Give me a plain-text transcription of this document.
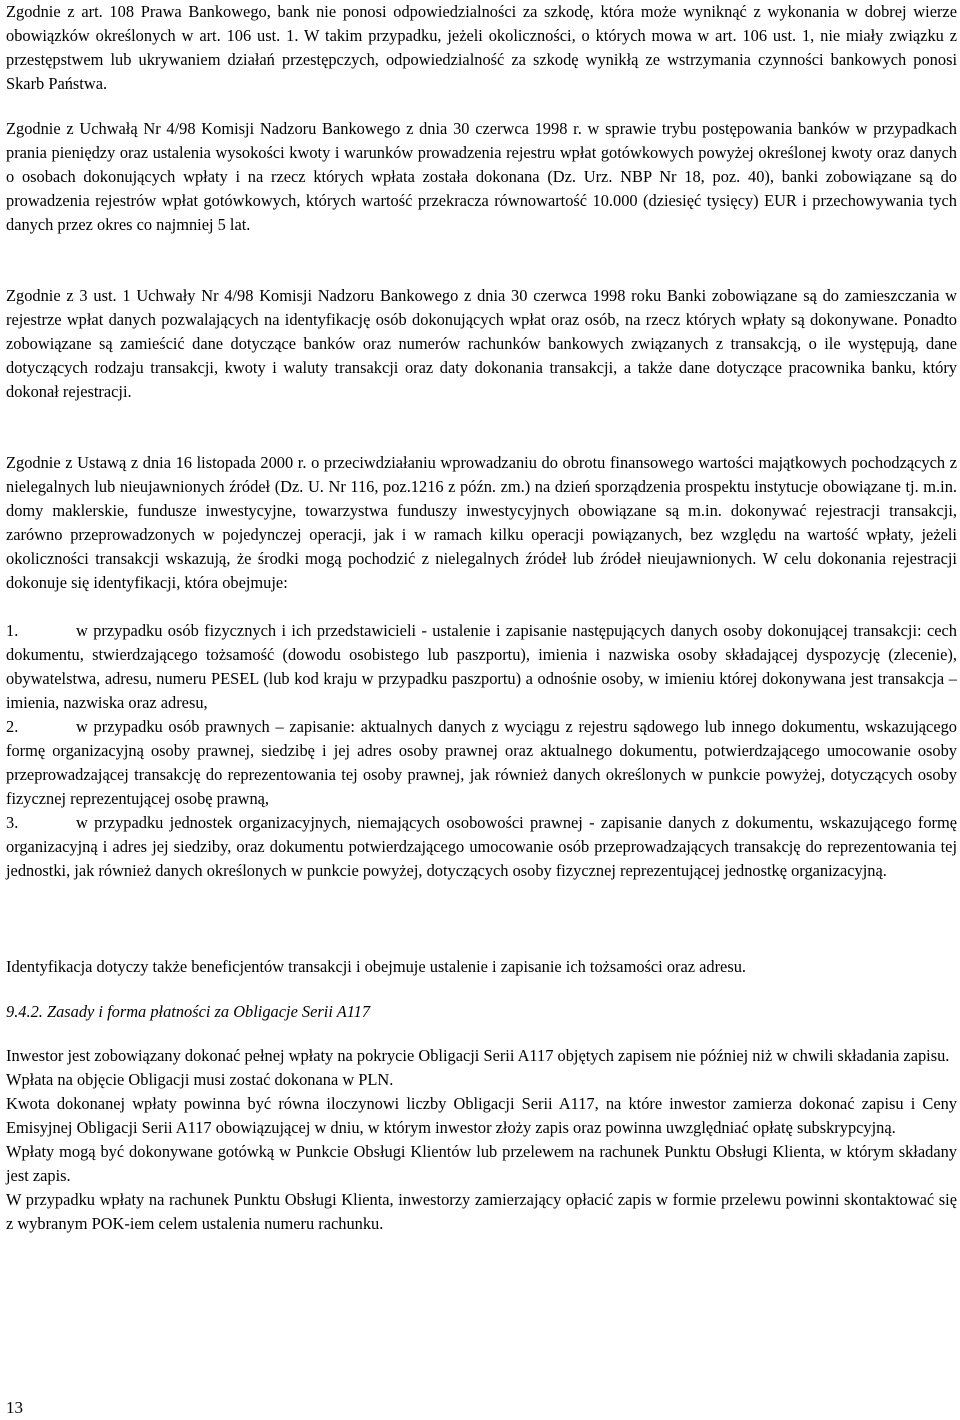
Zgodnie z art. 108 Prawa Bankowego, bank nie ponosi odpowiedzialności za szkodę, która może wyniknąć z wykonania w dobrej wierze obowiązków określonych w art. 106 ust. 1. W takim przypadku, jeżeli okoliczności, o których mowa w art. 106 ust. 1, nie miały związku z przestępstwem lub ukrywaniem działań przestępczych, odpowiedzialność za szkodę wynikłą ze wstrzymania czynności bankowych ponosi Skarb Państwa.

Zgodnie z Uchwałą Nr 4/98 Komisji Nadzoru Bankowego z dnia 30 czerwca 1998 r. w sprawie trybu postępowania banków w przypadkach prania pieniędzy oraz ustalenia wysokości kwoty i warunków prowadzenia rejestru wpłat gotówkowych powyżej określonej kwoty oraz danych o osobach dokonujących wpłaty i na rzecz których wpłata została dokonana (Dz. Urz. NBP Nr 18, poz. 40), banki zobowiązane są do prowadzenia rejestrów wpłat gotówkowych, których wartość przekracza równowartość 10.000 (dziesięć tysięcy) EUR i przechowywania tych danych przez okres co najmniej 5 lat.

Zgodnie z 3 ust. 1 Uchwały Nr 4/98 Komisji Nadzoru Bankowego z dnia 30 czerwca 1998 roku Banki zobowiązane są do zamieszczania w rejestrze wpłat danych pozwalających na identyfikację osób dokonujących wpłat oraz osób, na rzecz których wpłaty są dokonywane. Ponadto zobowiązane są zamieścić dane dotyczące banków oraz numerów rachunków bankowych związanych z transakcją, o ile występują, dane dotyczących rodzaju transakcji, kwoty i waluty transakcji oraz daty dokonania transakcji, a także dane dotyczące pracownika banku, który dokonał rejestracji.

Zgodnie z Ustawą z dnia 16 listopada 2000 r. o przeciwdziałaniu wprowadzaniu do obrotu finansowego wartości majątkowych pochodzących z nielegalnych lub nieujawnionych źródeł (Dz. U. Nr 116, poz.1216 z późn. zm.) na dzień sporządzenia prospektu instytucje obowiązane tj. m.in. domy maklerskie, fundusze inwestycyjne, towarzystwa funduszy inwestycyjnych obowiązane są m.in. dokonywać rejestracji transakcji, zarówno przeprowadzonych w pojedynczej operacji, jak i w ramach kilku operacji powiązanych, bez względu na wartość wpłaty, jeżeli okoliczności transakcji wskazują, że środki mogą pochodzić z nielegalnych źródeł lub źródeł nieujawnionych. W celu dokonania rejestracji dokonuje się identyfikacji, która obejmuje:

1.	w przypadku osób fizycznych i ich przedstawicieli - ustalenie i zapisanie następujących danych osoby dokonującej transakcji: cech dokumentu, stwierdzającego tożsamość (dowodu osobistego lub paszportu), imienia i nazwiska osoby składającej dyspozycję (zlecenie), obywatelstwa, adresu, numeru PESEL (lub kod kraju w przypadku paszportu) a odnośnie osoby, w imieniu której dokonywana jest transakcja – imienia, nazwiska oraz adresu,

2.	w przypadku osób prawnych – zapisanie: aktualnych danych z wyciągu z rejestru sądowego lub innego dokumentu, wskazującego formę organizacyjną osoby prawnej, siedzibę i jej adres osoby prawnej oraz aktualnego dokumentu, potwierdzającego umocowanie osoby przeprowadzającej transakcję do reprezentowania tej osoby prawnej, jak również danych określonych w punkcie powyżej, dotyczących osoby fizycznej reprezentującej osobę prawną,

3.	w przypadku jednostek organizacyjnych, niemających osobowości prawnej - zapisanie danych z dokumentu, wskazującego formę organizacyjną i adres jej siedziby, oraz dokumentu potwierdzającego umocowanie osób przeprowadzających transakcję do reprezentowania tej jednostki, jak również danych określonych w punkcie powyżej, dotyczących osoby fizycznej reprezentującej jednostkę organizacyjną.

Identyfikacja dotyczy także beneficjentów transakcji i obejmuje ustalenie i zapisanie ich tożsamości oraz adresu.

9.4.2. Zasady i forma płatności za Obligacje Serii A117

Inwestor jest zobowiązany dokonać pełnej wpłaty na pokrycie Obligacji Serii A117 objętych zapisem nie później niż w chwili składania zapisu.

Wpłata na objęcie Obligacji musi zostać dokonana w PLN.

Kwota dokonanej wpłaty powinna być równa iloczynowi liczby Obligacji Serii A117, na które inwestor zamierza dokonać zapisu i Ceny Emisyjnej Obligacji Serii A117 obowiązującej w dniu, w którym inwestor złoży zapis oraz powinna uwzględniać opłatę subskrypcyjną.

Wpłaty mogą być dokonywane gotówką w Punkcie Obsługi Klientów lub przelewem na rachunek Punktu Obsługi Klienta, w którym składany jest zapis.

W przypadku wpłaty na rachunek Punktu Obsługi Klienta, inwestorzy zamierzający opłacić zapis w formie przelewu powinni skontaktować się z wybranym POK-iem celem ustalenia numeru rachunku.

13
